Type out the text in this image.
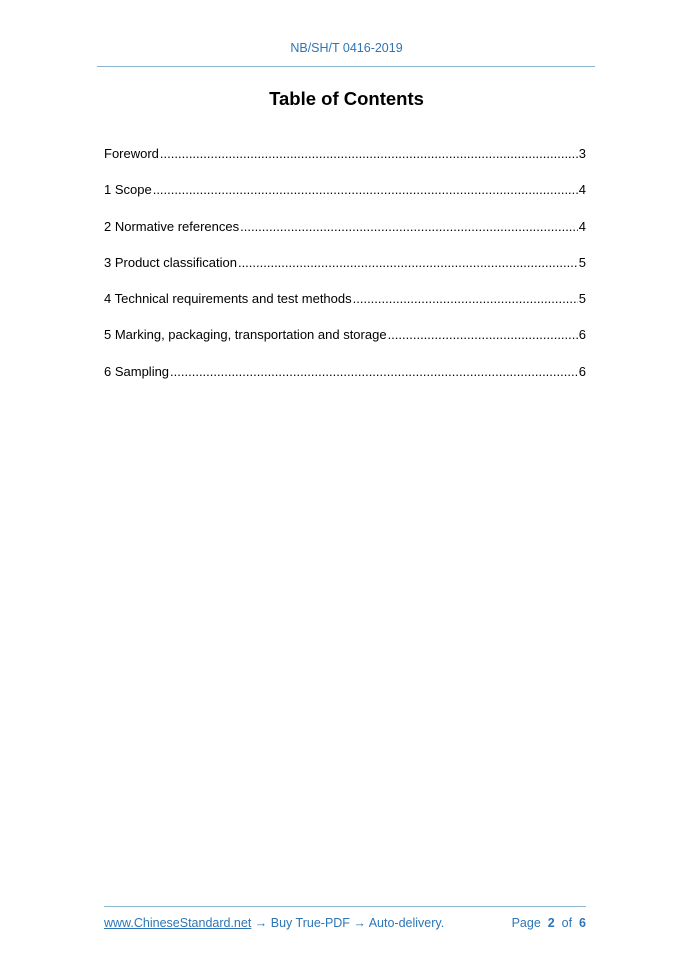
NB/SH/T 0416-2019
Table of Contents
Foreword .....	3
1 Scope .....	4
2 Normative references .....	4
3 Product classification .....	5
4 Technical requirements and test methods .....	5
5 Marking, packaging, transportation and storage .....	6
6 Sampling .....	6
www.ChineseStandard.net → Buy True-PDF → Auto-delivery.	Page 2 of 6
